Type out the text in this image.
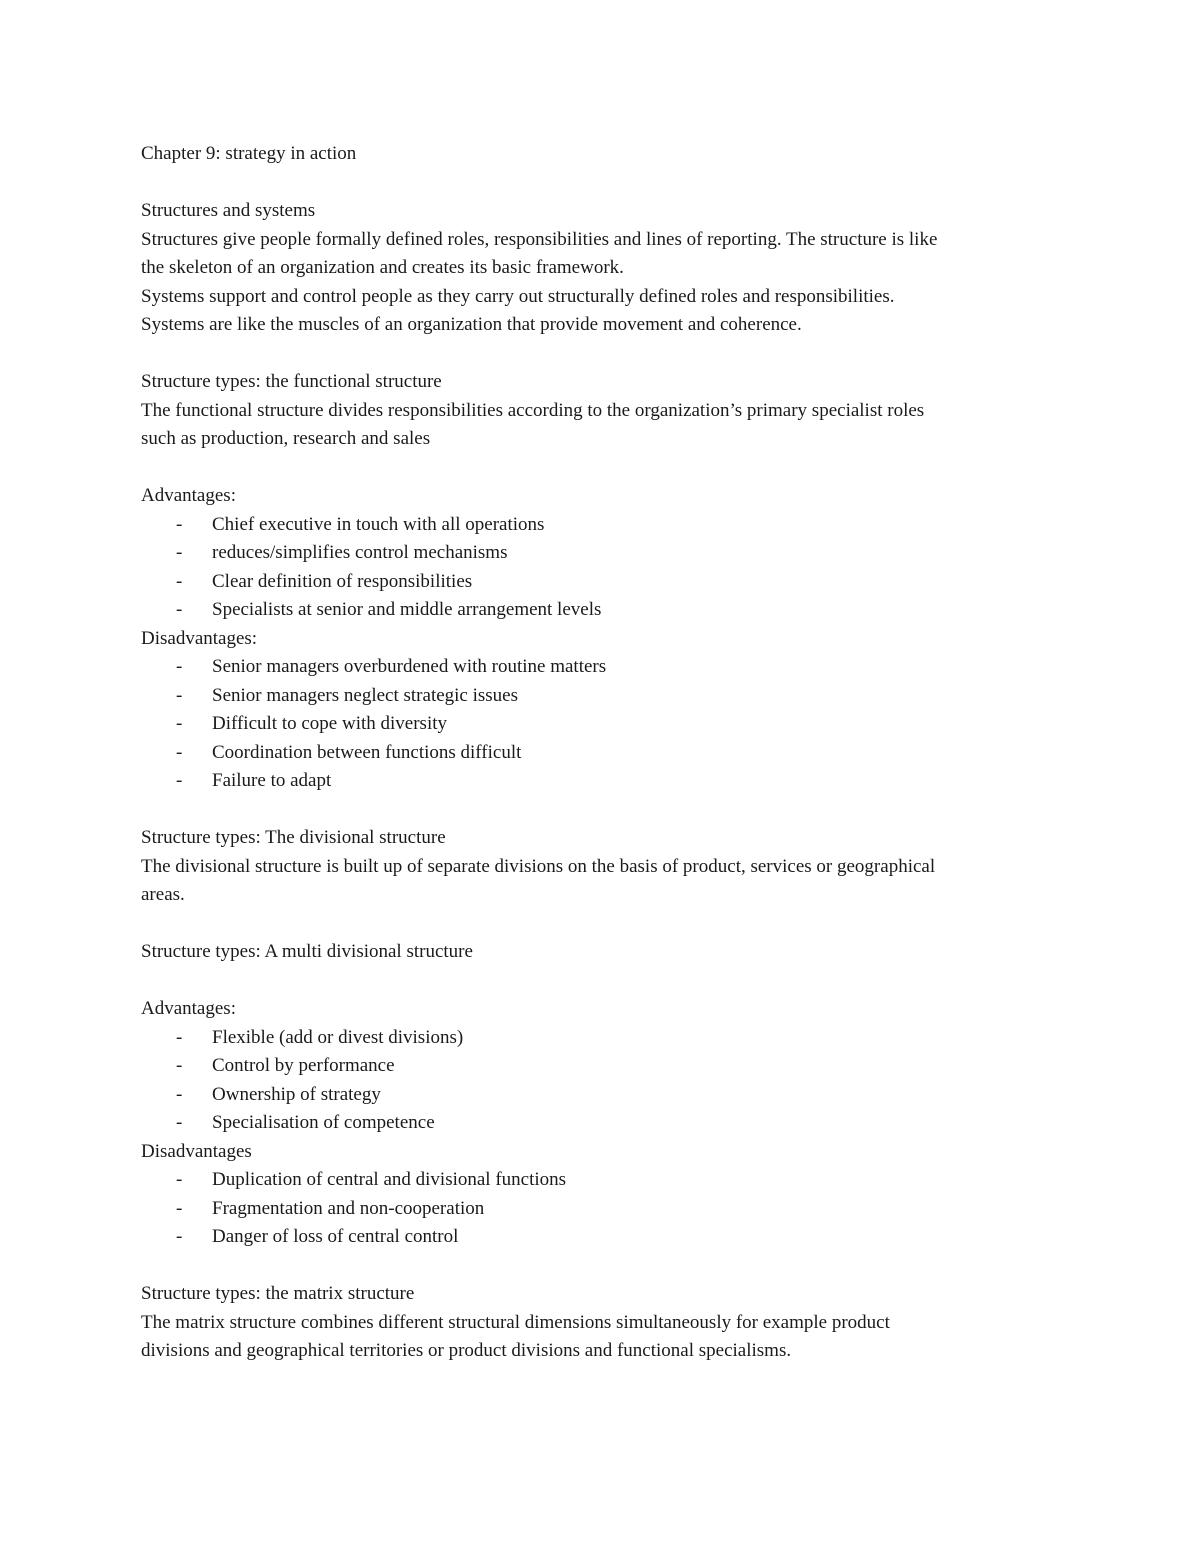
Chapter 9: strategy in action

Structures and systems

Structures give people formally defined roles, responsibilities and lines of reporting. The structure is like

the skeleton of an organization and creates its basic framework.

Systems support and control people as they carry out structurally defined roles and responsibilities.

Systems are like the muscles of an organization that provide movement and coherence.

Structure types: the functional structure

The functional structure divides responsibilities according to the organization’s primary specialist roles

such as production, research and sales

Advantages:

-	Chief executive in touch with all operations
-	reduces/simplifies control mechanisms
-	Clear definition of responsibilities
-	Specialists at senior and middle arrangement levels

Disadvantages:

-	Senior managers overburdened with routine matters
-	Senior managers neglect strategic issues
-	Difficult to cope with diversity
-	Coordination between functions difficult
-	Failure to adapt

Structure types: The divisional structure

The divisional structure is built up of separate divisions on the basis of product, services or geographical

areas.

Structure types: A multi divisional structure

Advantages:

-	Flexible (add or divest divisions)
-	Control by performance
-	Ownership of strategy
-	Specialisation of competence

Disadvantages

-	Duplication of central and divisional functions
-	Fragmentation and non-cooperation
-	Danger of loss of central control

Structure types: the matrix structure

The matrix structure combines different structural dimensions simultaneously for example product

divisions and geographical territories or product divisions and functional specialisms.
